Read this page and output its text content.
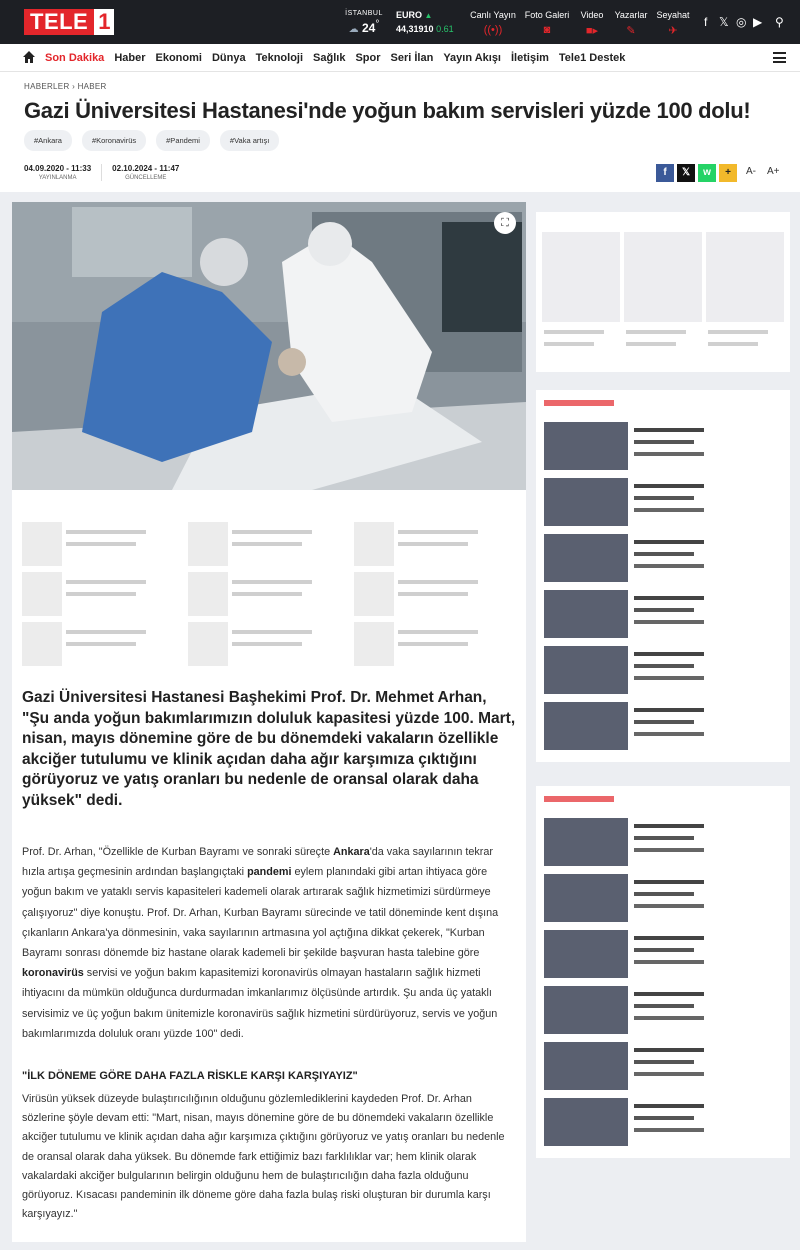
TELE 1	İSTANBUL
☁ 24°
EURO ▲
44,31910 0.61
Canlı Yayın
((•))
Foto Galeri
◙
Video
■▸
Yazarlar
✎
Seyahat
✈
f 𝕏 ◎ ▶ ⚲
Son Dakika Haber Ekonomi Dünya Teknoloji Sağlık Spor Seri İlan Yayın Akışı İletişim Tele1 Destek
HABERLER › HABER
Gazi Üniversitesi Hastanesi'nde yoğun bakım servisleri yüzde 100 dolu!
#Ankara	#Koronavirüs	#Pandemi	#Vaka artışı
04.09.2020 - 11:33
YAYINLANMA
02.10.2024 - 11:47
GÜNCELLEME	f	𝕏	w	+	A- A+
⛶

Gazi Üniversitesi Hastanesi Başhekimi Prof. Dr. Mehmet Arhan, "Şu anda yoğun bakımlarımızın doluluk kapasitesi yüzde 100. Mart, nisan, mayıs dönemine göre de bu dönemdeki vakaların özellikle akciğer tutulumu ve klinik açıdan daha ağır karşımıza çıktığını görüyoruz ve yatış oranları bu nedenle de oransal olarak daha yüksek" dedi.

Prof. Dr. Arhan, "Özellikle de Kurban Bayramı ve sonraki süreçte Ankara'da vaka sayılarının tekrar hızla artışa geçmesinin ardından başlangıçtaki pandemi eylem planındaki gibi artan ihtiyaca göre yoğun bakım ve yataklı servis kapasiteleri kademeli olarak artırarak sağlık hizmetimizi sürdürmeye çalışıyoruz" diye konuştu. Prof. Dr. Arhan, Kurban Bayramı sürecinde ve tatil döneminde kent dışına çıkanların Ankara'ya dönmesinin, vaka sayılarının artmasına yol açtığına dikkat çekerek, "Kurban Bayramı sonrası dönemde biz hastane olarak kademeli bir şekilde başvuran hasta talebine göre koronavirüs servisi ve yoğun bakım kapasitemizi koronavirüs olmayan hastaların sağlık hizmeti ihtiyacını da mümkün olduğunca durdurmadan imkanlarımız ölçüsünde artırdık. Şu anda üç yataklı servisimiz ve üç yoğun bakım ünitemizle koronavirüs sağlık hizmetini sürdürüyoruz, servis ve yoğun bakımlarımızda doluluk oranı yüzde 100" dedi.

"İLK DÖNEME GÖRE DAHA FAZLA RİSKLE KARŞI KARŞIYAYIZ"

Virüsün yüksek düzeyde bulaştırıcılığının olduğunu gözlemlediklerini kaydeden Prof. Dr. Arhan sözlerine şöyle devam etti: "Mart, nisan, mayıs dönemine göre de bu dönemdeki vakaların özellikle akciğer tutulumu ve klinik açıdan daha ağır karşımıza çıktığını görüyoruz ve yatış oranları bu nedenle de oransal olarak daha yüksek. Bu dönemde fark ettiğimiz bazı farklılıklar var; hem klinik olarak vakalardaki akciğer bulgularının belirgin olduğunu hem de bulaştırıcılığın daha fazla olduğunu görüyoruz. Kısacası pandeminin ilk döneme göre daha fazla bulaş riski oluşturan bir durumla karşı karşıyayız."
